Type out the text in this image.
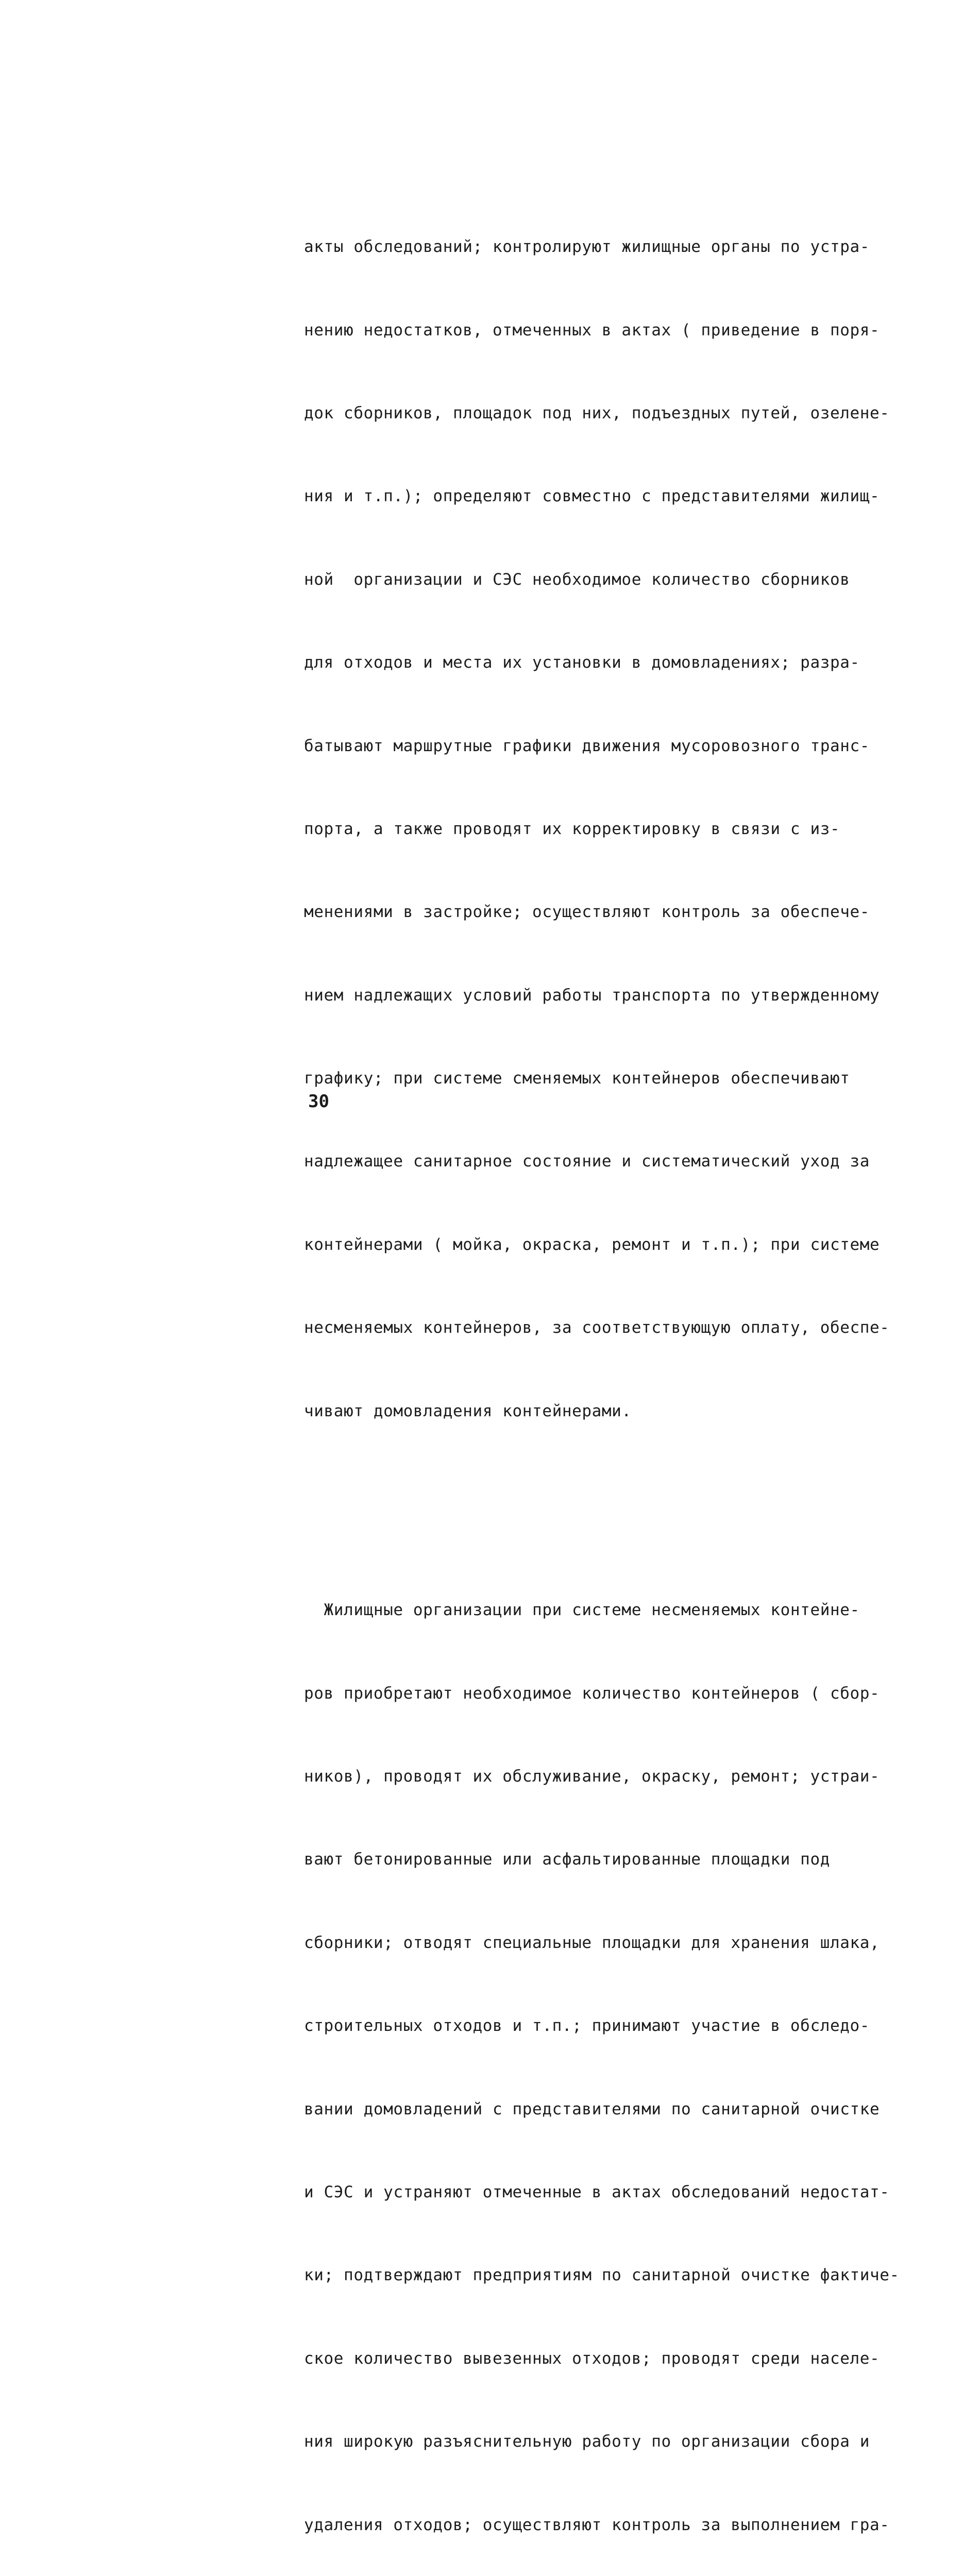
акты обследований; контролируют жилищные органы по устра-

нению недостатков, отмеченных в актах ( приведение в поря-

док сборников, площадок под них, подъездных путей, озелене-

ния и т.п.); определяют совместно с представителями жилищ-

ной  организации и СЭС необходимое количество сборников

для отходов и места их установки в домовладениях; разра-

батывают маршрутные графики движения мусоровозного транс-

порта, а также проводят их корректировку в связи с из-

менениями в застройке; осуществляют контроль за обеспече-

нием надлежащих условий работы транспорта по утвержденному

графику; при системе сменяемых контейнеров обеспечивают

надлежащее санитарное состояние и систематический уход за

контейнерами ( мойка, окраска, ремонт и т.п.); при системе

несменяемых контейнеров, за соответствующую оплату, обеспе-

чивают домовладения контейнерами.

Жилищные организации при системе несменяемых контейне-

ров приобретают необходимое количество контейнеров ( сбор-

ников), проводят их обслуживание, окраску, ремонт; устраи-

вают бетонированные или асфальтированные площадки под

сборники; отводят специальные площадки для хранения шлака,

строительных отходов и т.п.; принимают участие в обследо-

вании домовладений с представителями по санитарной очистке

и СЭС и устраняют отмеченные в актах обследований недостат-

ки; подтверждают предприятиям по санитарной очистке фактиче-

ское количество вывезенных отходов; проводят среди населе-

ния широкую разъяснительную работу по организации сбора и

удаления отходов; осуществляют контроль за выполнением гра-

30
